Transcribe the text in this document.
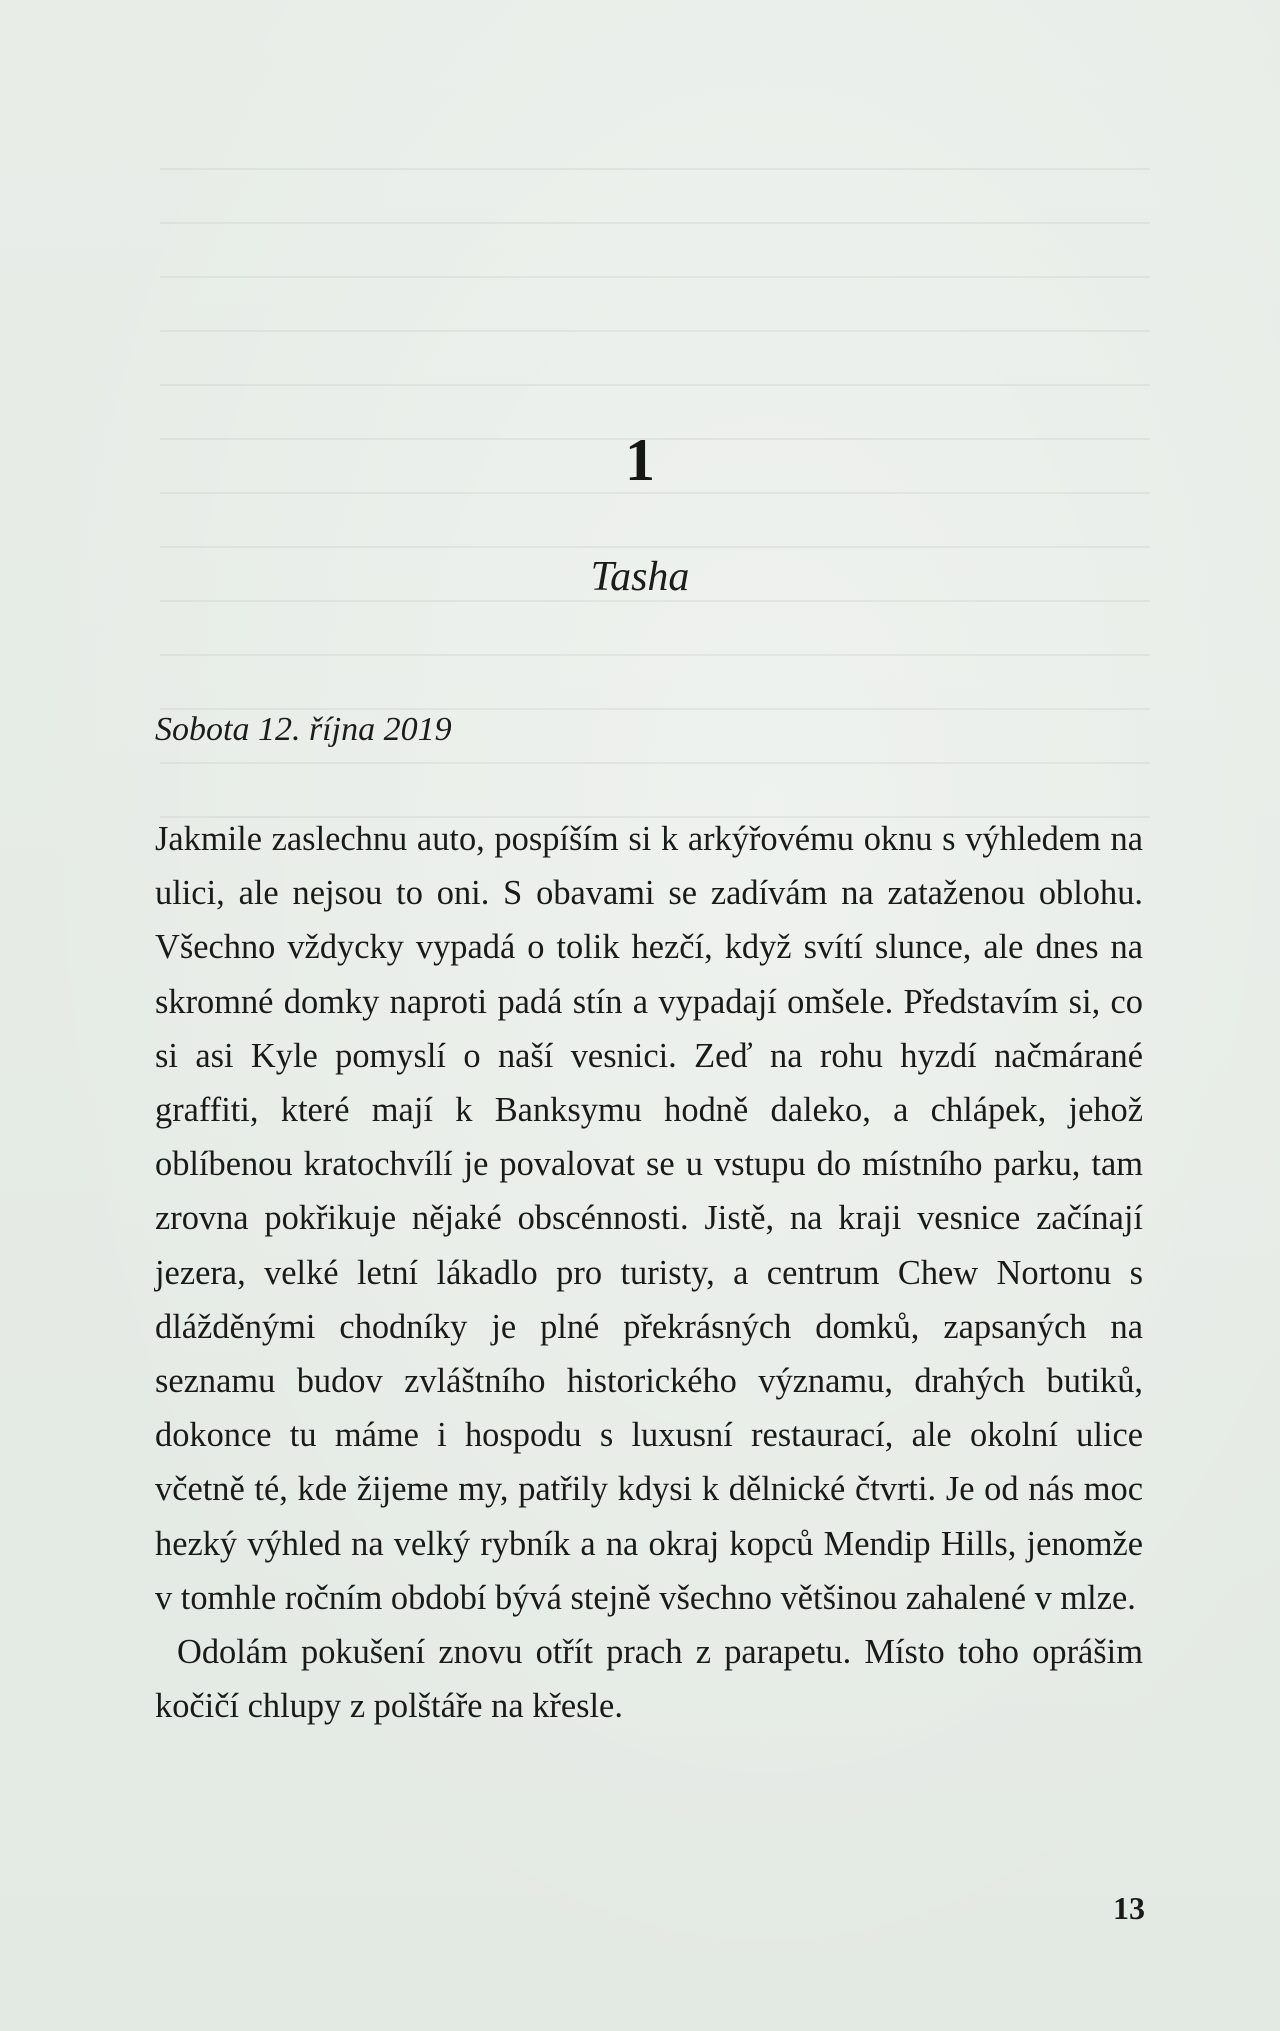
1
Tasha
Sobota 12. října 2019

Jakmile zaslechnu auto, pospíším si k arkýřovému oknu s výhledem na ulici, ale nejsou to oni. S obavami se zadívám na zataženou oblohu. Všechno vždycky vypadá o tolik hezčí, když svítí slunce, ale dnes na skromné domky naproti padá stín a vypadají omšele. Představím si, co si asi Kyle pomyslí o naší vesnici. Zeď na rohu hyzdí načmárané graffiti, které mají k Banksymu hodně daleko, a chlápek, jehož oblíbenou kratochvílí je povalovat se u vstupu do místního parku, tam zrovna pokřikuje nějaké obscénnosti. Jistě, na kraji vesnice začínají jezera, velké letní lákadlo pro turisty, a centrum Chew Nortonu s dlážděnými chodníky je plné překrásných domků, zapsaných na seznamu budov zvláštního historického významu, drahých butiků, dokonce tu máme i hospodu s luxusní restaurací, ale okolní ulice včetně té, kde žijeme my, patřily kdysi k dělnické čtvrti. Je od nás moc hezký výhled na velký rybník a na okraj kopců Mendip Hills, jenomže v tomhle ročním období bývá stejně všechno většinou zahalené v mlze.

Odolám pokušení znovu otřít prach z parapetu. Místo toho oprášim kočičí chlupy z polštáře na křesle.

13
